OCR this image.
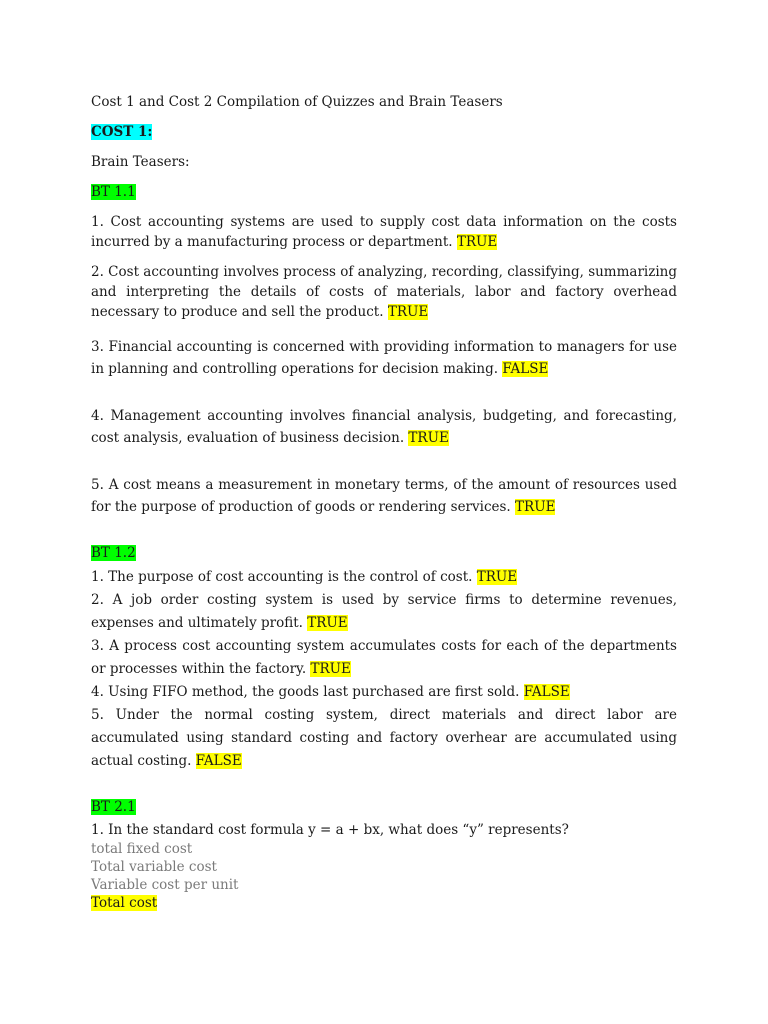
Cost 1 and Cost 2 Compilation of Quizzes and Brain Teasers

COST 1:

Brain Teasers:

BT 1.1

1. Cost accounting systems are used to supply cost data information on the costs incurred by a manufacturing process or department. TRUE

2. Cost accounting involves process of analyzing, recording, classifying, summarizing and interpreting the details of costs of materials, labor and factory overhead necessary to produce and sell the product. TRUE

3. Financial accounting is concerned with providing information to managers for use in planning and controlling operations for decision making. FALSE

4. Management accounting involves financial analysis, budgeting, and forecasting, cost analysis, evaluation of business decision. TRUE

5. A cost means a measurement in monetary terms, of the amount of resources used for the purpose of production of goods or rendering services. TRUE

BT 1.2

1. The purpose of cost accounting is the control of cost. TRUE

2. A job order costing system is used by service firms to determine revenues, expenses and ultimately profit. TRUE

3. A process cost accounting system accumulates costs for each of the departments or processes within the factory. TRUE

4. Using FIFO method, the goods last purchased are first sold. FALSE

5. Under the normal costing system, direct materials and direct labor are accumulated using standard costing and factory overhear are accumulated using actual costing. FALSE

BT 2.1

1. In the standard cost formula y = a + bx, what does “y” represents?

total fixed cost

Total variable cost

Variable cost per unit

Total cost
